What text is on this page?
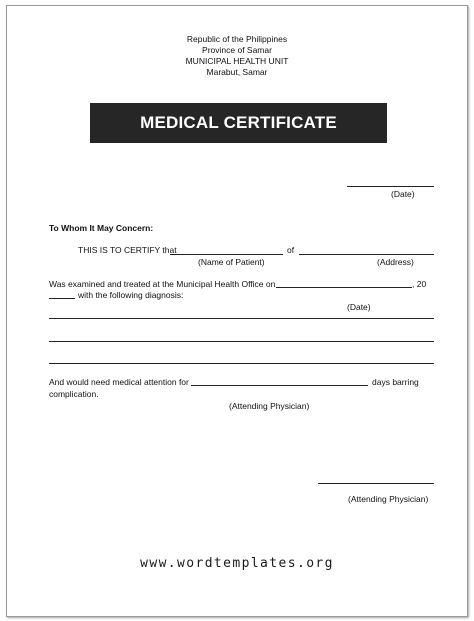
Republic of the Philippines
Province of Samar
MUNICIPAL HEALTH UNIT
Marabut, Samar
MEDICAL CERTIFICATE
(Date)
To Whom It May Concern:
THIS IS TO CERTIFY that	of
(Name of Patient)	(Address)
Was examined and treated at the Municipal Health Office on	, 20
with the following diagnosis:
(Date)
And would need medical attention for	days barring
complication.
(Attending Physician)
(Attending Physician)
www.wordtemplates.org
